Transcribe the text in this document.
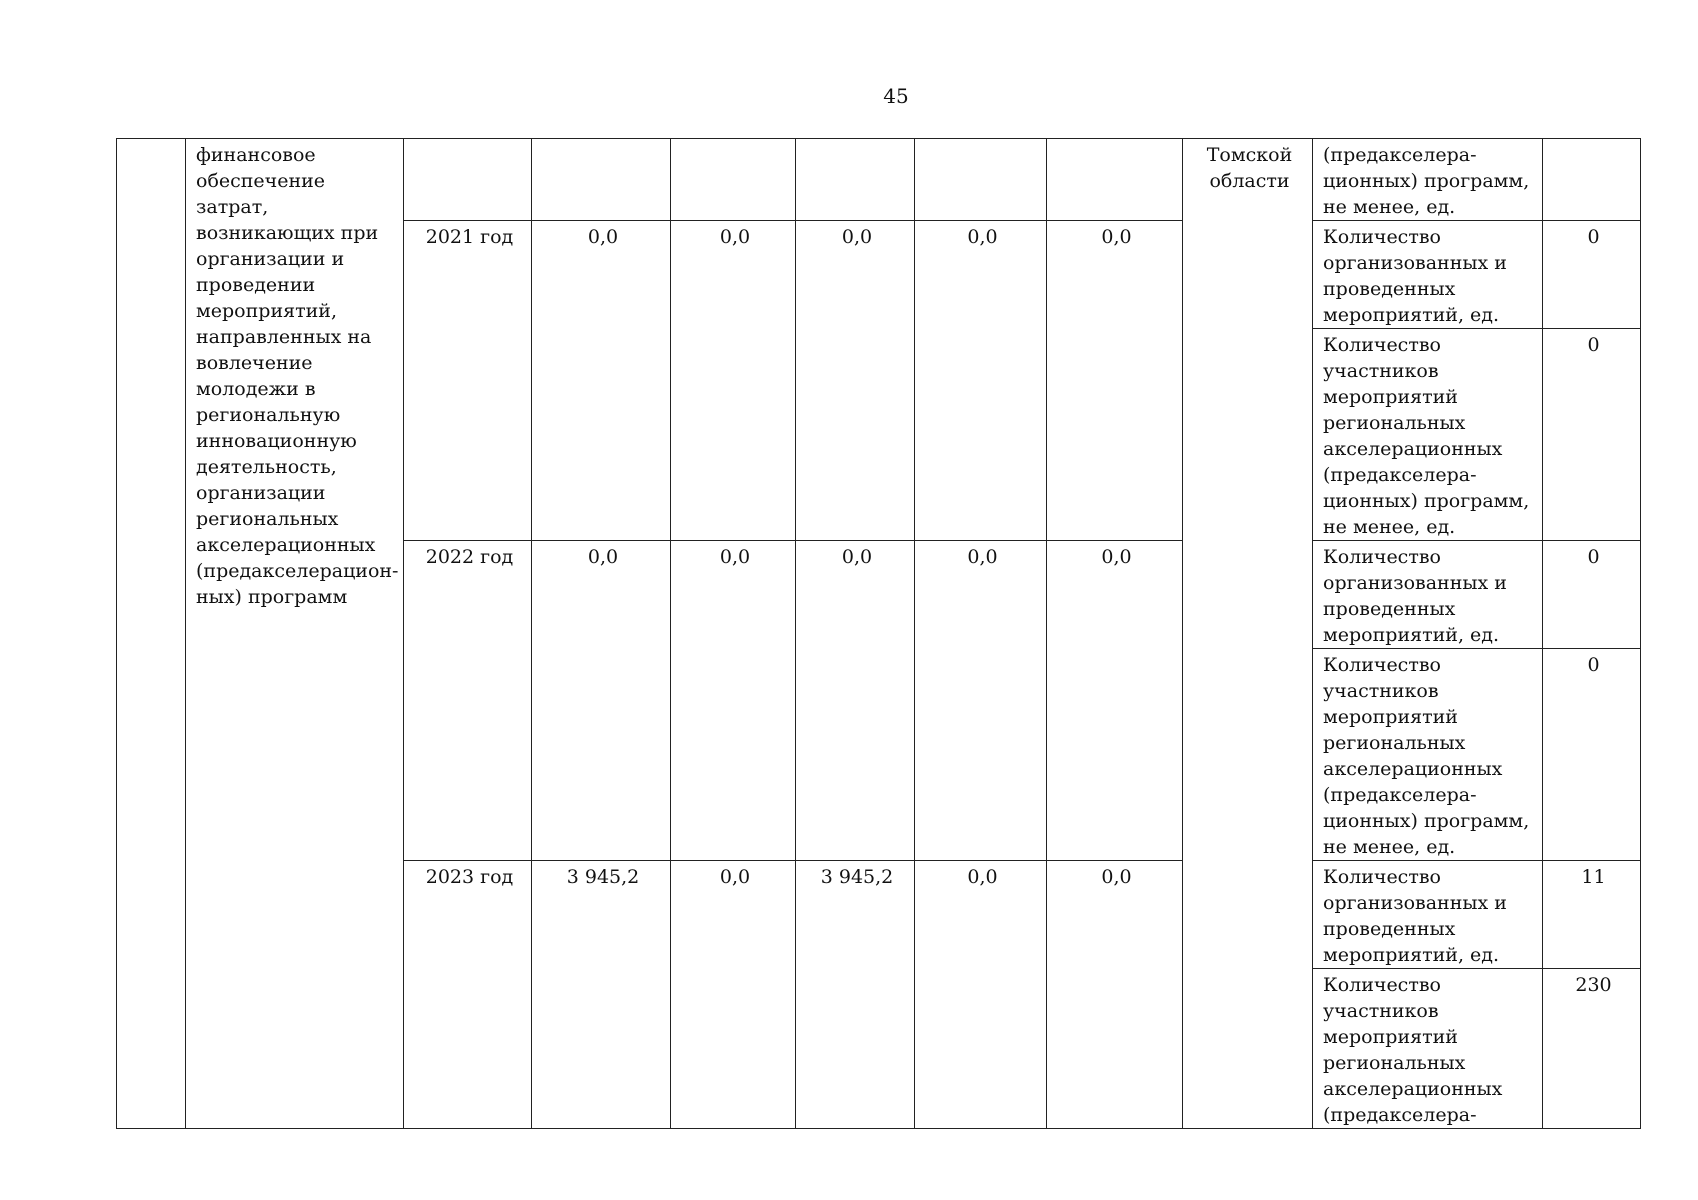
45
	финансовое обеспечение затрат, возникающих при организации и проведении мероприятий, направленных на вовлечение молодежи в региональную инновационную деятельность, организации региональных акселерационных (предакселерацион-ных) программ							Томской области	(предакселера-ционных) программ, не менее, ед.	
		2021 год	0,0	0,0	0,0	0,0	0,0		Количество организованных и проведенных мероприятий, ед.	0
									Количество участников мероприятий региональных акселерационных (предакселера-ционных) программ, не менее, ед.	0
		2022 год	0,0	0,0	0,0	0,0	0,0		Количество организованных и проведенных мероприятий, ед.	0
									Количество участников мероприятий региональных акселерационных (предакселера-ционных) программ, не менее, ед.	0
		2023 год	3 945,2	0,0	3 945,2	0,0	0,0		Количество организованных и проведенных мероприятий, ед.	11
									Количество участников мероприятий региональных акселерационных (предакселера-	230
